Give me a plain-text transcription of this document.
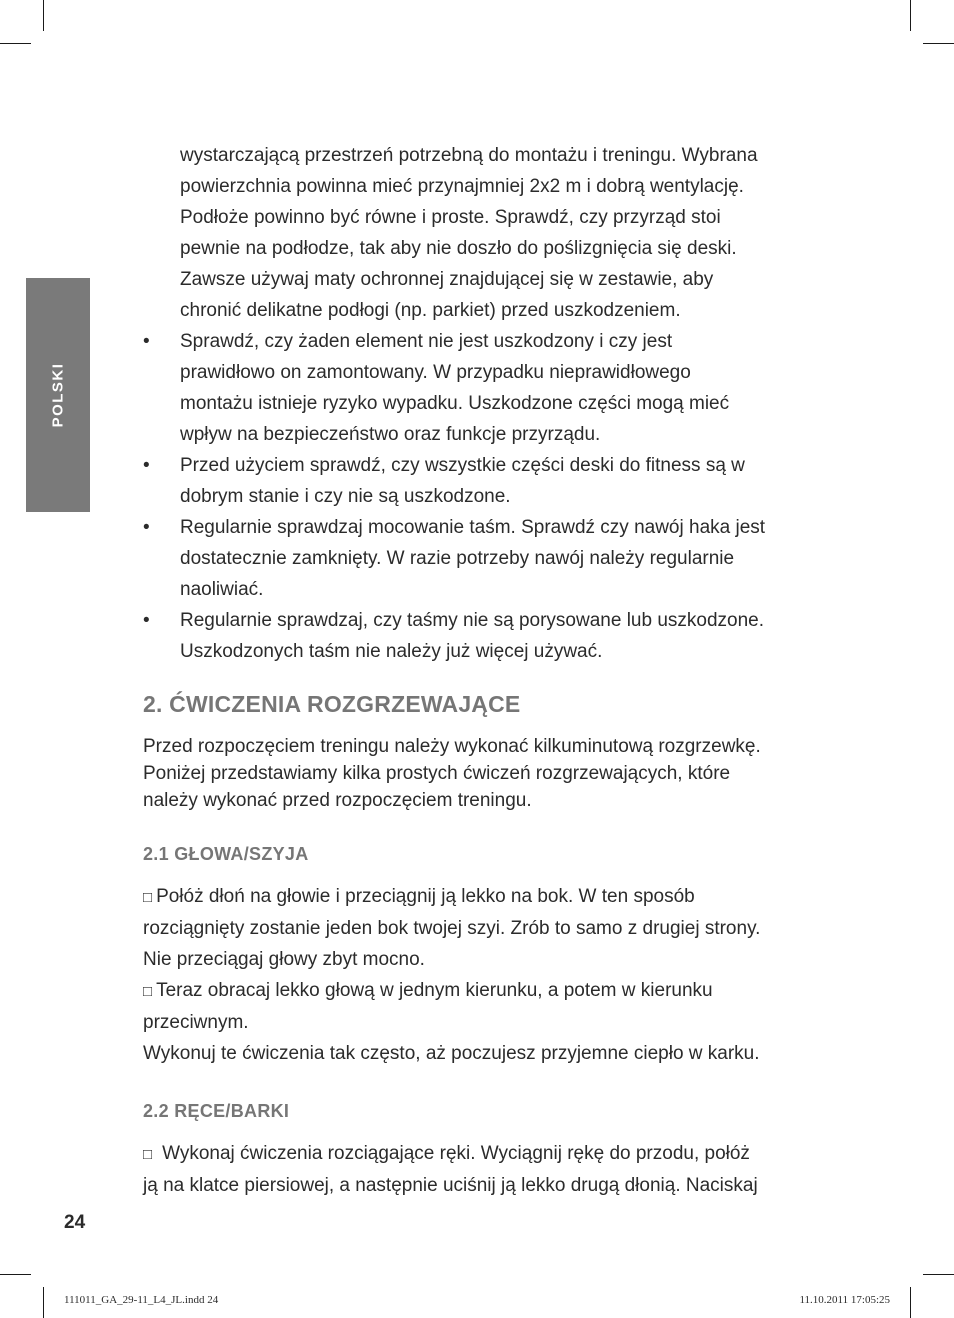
POLSKI

wystarczającą przestrzeń potrzebną do montażu i treningu. Wybrana
powierzchnia powinna mieć przynajmniej 2x2 m i dobrą wentylację.
Podłoże powinno być równe i proste. Sprawdź, czy przyrząd stoi
pewnie na podłodze, tak aby nie doszło do poślizgnięcia się deski.
Zawsze używaj maty ochronnej znajdującej się w zestawie, aby
chronić delikatne podłogi (np. parkiet) przed uszkodzeniem.

• Sprawdź, czy żaden element nie jest uszkodzony i czy jest
prawidłowo on zamontowany. W przypadku nieprawidłowego
montażu istnieje ryzyko wypadku. Uszkodzone części mogą mieć
wpływ na bezpieczeństwo oraz funkcje przyrządu.
• Przed użyciem sprawdź, czy wszystkie części deski do fitness są w
dobrym stanie i czy nie są uszkodzone.
• Regularnie sprawdzaj mocowanie taśm. Sprawdź czy nawój haka jest
dostatecznie zamknięty. W razie potrzeby nawój należy regularnie
naoliwiać.
• Regularnie sprawdzaj, czy taśmy nie są porysowane lub uszkodzone.
Uszkodzonych taśm nie należy już więcej używać.
2. ĆWICZENIA ROZGRZEWAJĄCE

Przed rozpoczęciem treningu należy wykonać kilkuminutową rozgrzewkę.
Poniżej przedstawiamy kilka prostych ćwiczeń rozgrzewających, które
należy wykonać przed rozpoczęciem treningu.

2.1 GŁOWA/SZYJA

□ Połóż dłoń na głowie i przeciągnij ją lekko na bok. W ten sposób
rozciągnięty zostanie jeden bok twojej szyi. Zrób to samo z drugiej strony.
Nie przeciągaj głowy zbyt mocno.

□ Teraz obracaj lekko głową w jednym kierunku, a potem w kierunku
przeciwnym.

Wykonuj te ćwiczenia tak często, aż poczujesz przyjemne ciepło w karku.

2.2 RĘCE/BARKI

□ Wykonaj ćwiczenia rozciągające ręki. Wyciągnij rękę do przodu, połóż
ją na klatce piersiowej, a następnie uciśnij ją lekko drugą dłonią. Naciskaj

24
111011_GA_29-11_L4_JL.indd 24	11.10.2011 17:05:25
